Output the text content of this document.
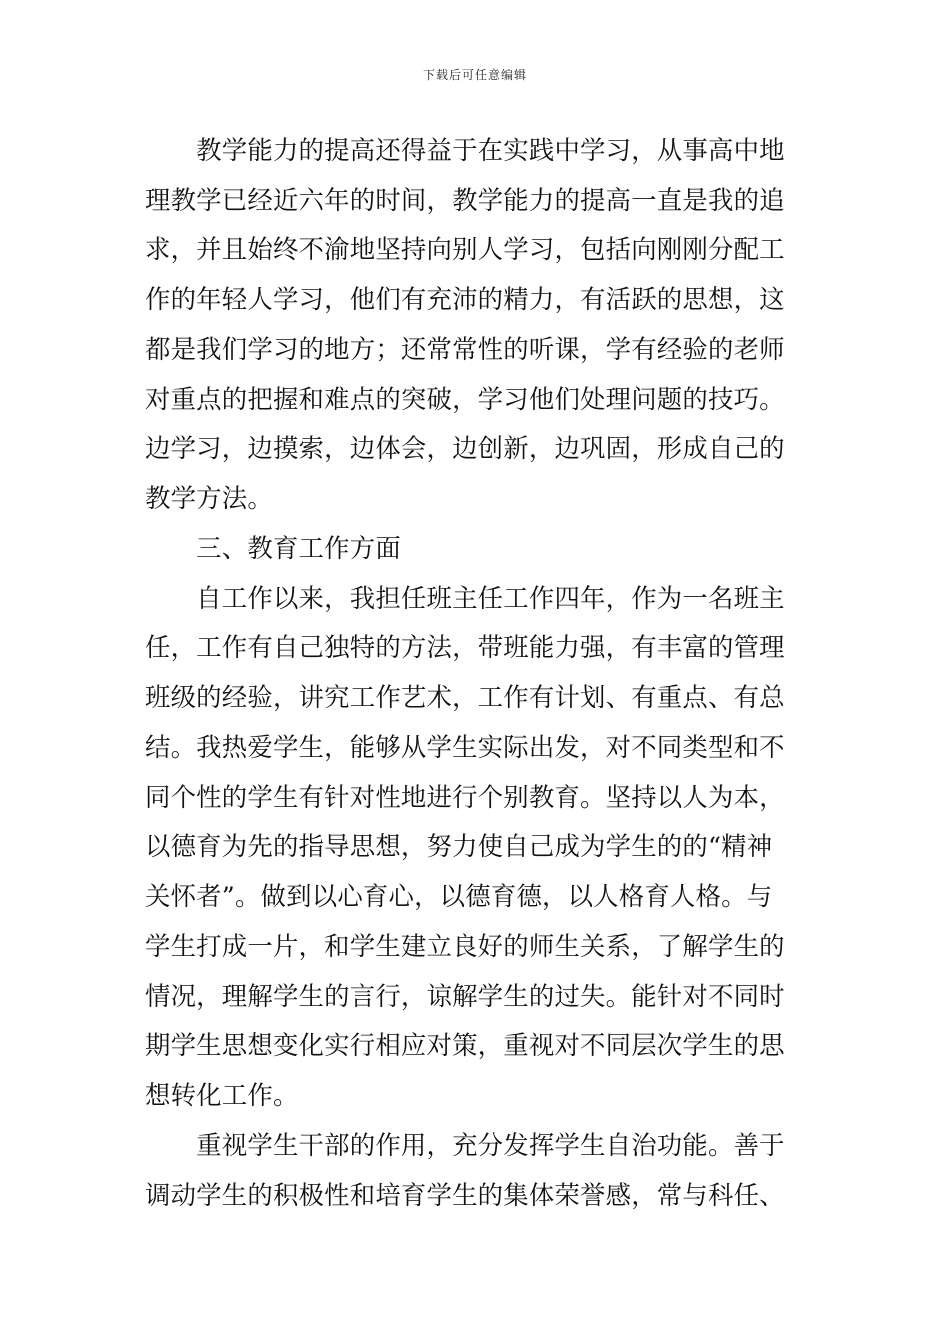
下载后可任意编辑
　　教学能力的提高还得益于在实践中学习，从事高中地
理教学已经近六年的时间，教学能力的提高一直是我的追
求，并且始终不渝地坚持向别人学习，包括向刚刚分配工
作的年轻人学习，他们有充沛的精力，有活跃的思想，这
都是我们学习的地方；还常常性的听课，学有经验的老师
对重点的把握和难点的突破，学习他们处理问题的技巧。
边学习，边摸索，边体会，边创新，边巩固，形成自己的
教学方法。
　　三、教育工作方面
　　自工作以来，我担任班主任工作四年，作为一名班主
任，工作有自己独特的方法，带班能力强，有丰富的管理
班级的经验，讲究工作艺术，工作有计划、有重点、有总
结。我热爱学生，能够从学生实际出发，对不同类型和不
同个性的学生有针对性地进行个别教育。坚持以人为本，
以德育为先的指导思想，努力使自己成为学生的的“精神
关怀者”。做到以心育心，以德育德，以人格育人格。与
学生打成一片，和学生建立良好的师生关系，了解学生的
情况，理解学生的言行，谅解学生的过失。能针对不同时
期学生思想变化实行相应对策，重视对不同层次学生的思
想转化工作。
　　重视学生干部的作用，充分发挥学生自治功能。善于
调动学生的积极性和培育学生的集体荣誉感，常与科任、
